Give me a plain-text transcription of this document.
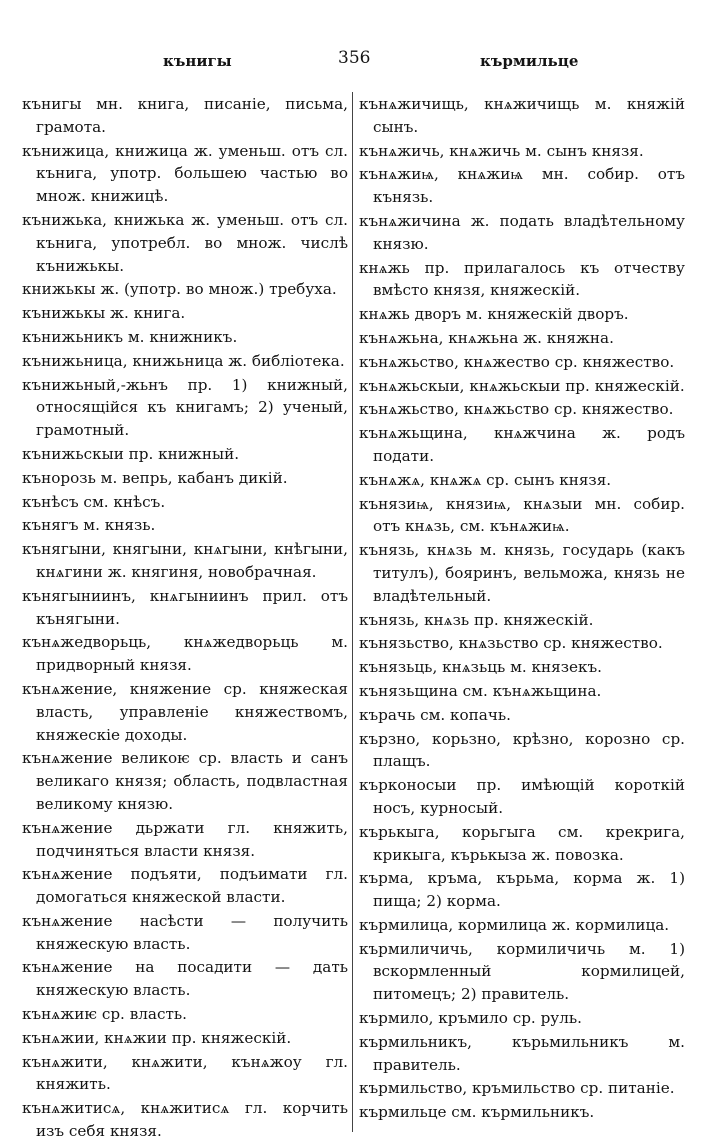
кънигы	356	кърмильце
кънигы мн. книга, писаніе, письма, грамота.
кънижица, книжица ж. уменьш. отъ сл. кънига, употр. большею частью во множ. книжицѣ.
кънижька, книжька ж. уменьш. отъ сл. кънига, употребл. во множ. числѣ кънижькы.
книжькы ж. (употр. во множ.) требуха.
кънижькы ж. книга.
кънижьникъ м. книжникъ.
кънижьница, книжьница ж. библіотека.
кънижьный,-жьнъ пр. 1) книжный, относящійся къ книгамъ; 2) ученый, грамотный.
кънижьскыи пр. книжный.
кънорозь м. вепрь, кабанъ дикій.
кънѣсъ см. кнѣсъ.
кънягъ м. князь.
кънягыни, княгыни, кнѧгыни, кнѣгыни, кнѧгини ж. княгиня, новобрачная.
кънягыниинъ, кнѧгыниинъ прил. отъ кънягыни.
кънѧжедворьць, кнѧжедворьць м. придворный князя.
кънѧжение, княжение ср. княжеская власть, управленіе княжествомъ, княжескіе доходы.
кънѧжение великоѥ ср. власть и санъ великаго князя; область, подвластная великому князю.
кънѧжение дьржати гл. княжить, подчиняться власти князя.
кънѧжение подъяти, подъимати гл. домогаться княжеской власти.
кънѧжение насѣсти — получить княжескую власть.
кънѧжение на посадити — дать княжескую власть.
кънѧжиѥ ср. власть.
кънѧжии, кнѧжии пр. княжескій.
кънѧжити, кнѧжити, кънѧжоу гл. княжить.
кънѧжитисѧ, кнѧжитисѧ гл. корчить изъ себя князя.
кънѧжичищь, кнѧжичищь м. княжій сынъ.
кънѧжичь, кнѧжичь м. сынъ князя.
кънѧжиѩ, кнѧжиѩ мн. собир. отъ кънязь.
кънѧжичина ж. подать владѣтельному князю.
кнѧжь пр. прилагалось къ отчеству вмѣсто князя, княжескій.
кнѧжь дворъ м. княжескій дворъ.
кънѧжьна, кнѧжьна ж. княжна.
кънѧжьство, кнѧжество ср. княжество.
кънѧжьскыи, кнѧжьскыи пр. княжескій.
кънѧжьство, кнѧжьство ср. княжество.
кънѧжьщина, кнѧжчина ж. родъ подати.
кънѧжѧ, кнѧжѧ ср. сынъ князя.
кънязиѩ, князиѩ, кнѧзыи мн. собир. отъ кнѧзь, см. кънѧжиѩ.
кънязь, кнѧзь м. князь, государь (какъ титулъ), бояринъ, вельможа, князь не владѣтельный.
кънязь, кнѧзь пр. княжескій.
кънязьство, кнѧзьство ср. княжество.
кънязьць, кнѧзьць м. князекъ.
кънязьщина см. кънѧжьщина.
кърачь см. копачь.
кързно, корьзно, крѣзно, корозно ср. плащъ.
кърконосыи пр. имѣющій короткій носъ, курносый.
кърькыга, корьгыга см. крекрига, крикыга, кърькыза ж. повозка.
кърма, кръма, кърьма, корма ж. 1) пища; 2) корма.
кърмилица, кормилица ж. кормилица.
кърмиличичь, кормиличичь м. 1) вскормленный кормилицей, питомецъ; 2) правитель.
кърмило, кръмило ср. руль.
кърмильникъ, кърьмильникъ м. правитель.
кърмильство, кръмильство ср. питаніе.
кърмильце см. кърмильникъ.
